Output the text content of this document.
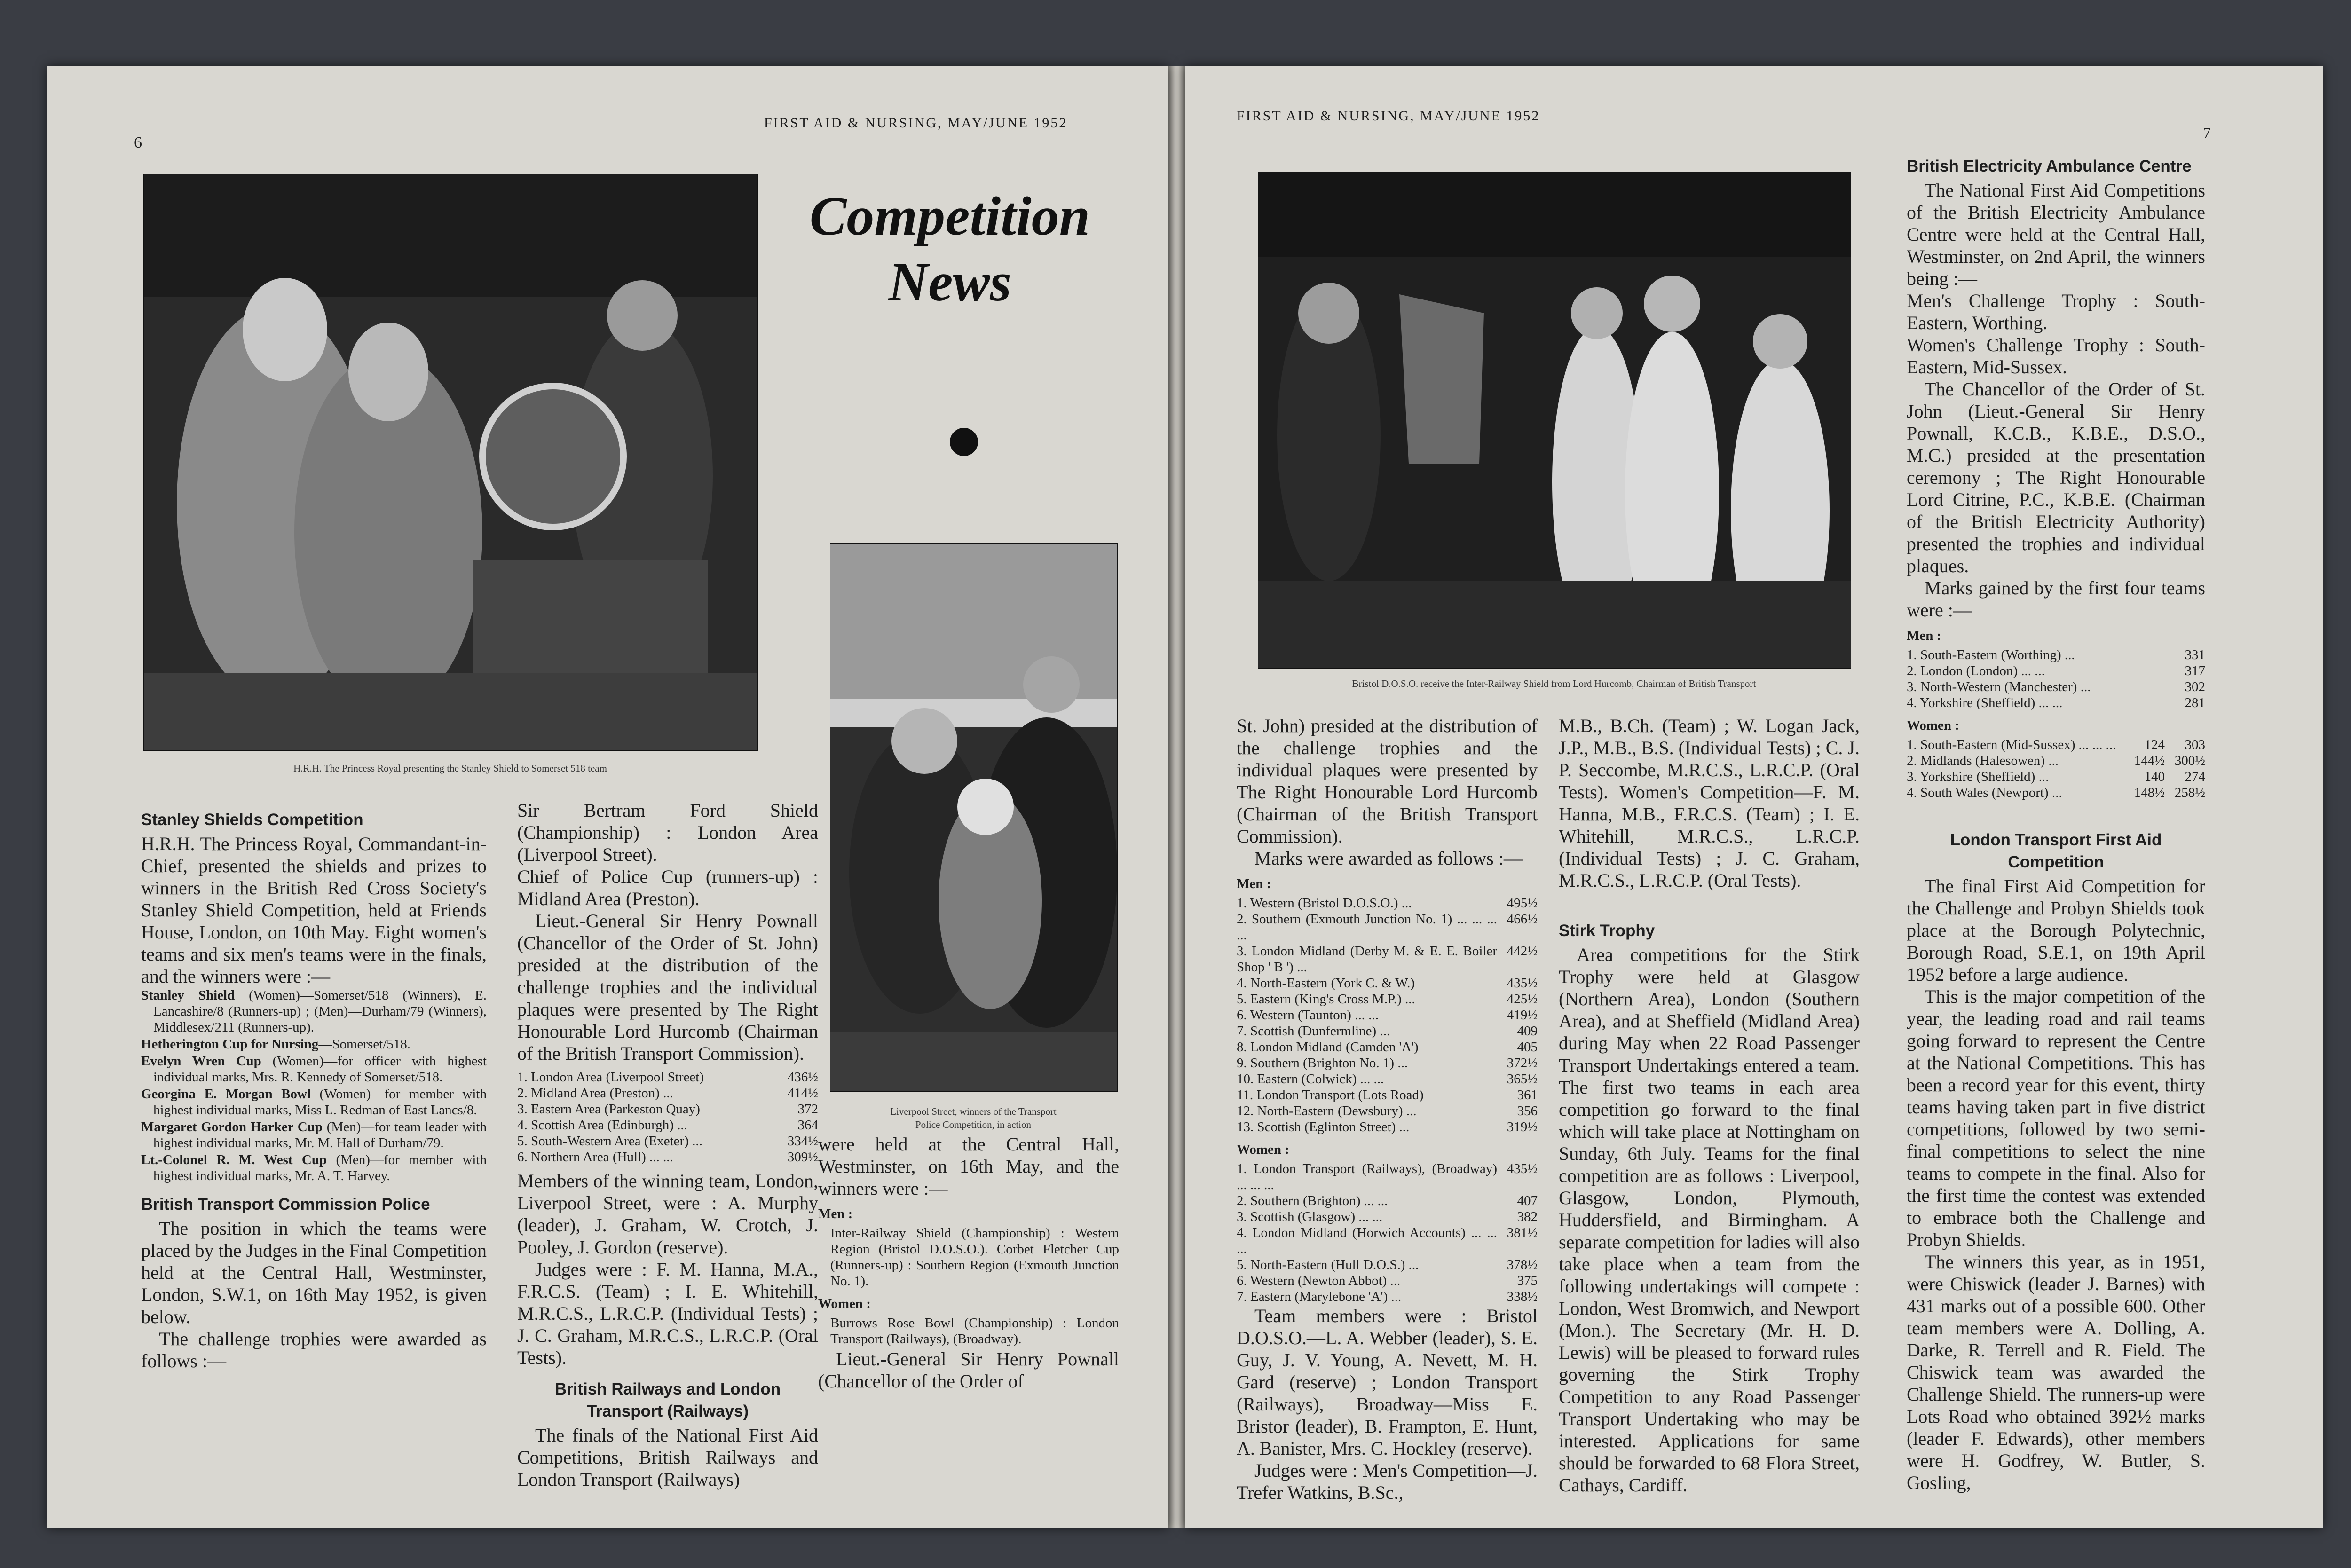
6
FIRST AID & NURSING, MAY/JUNE 1952
H.R.H. The Princess Royal presenting the Stanley Shield to Somerset 518 team
Competition
News
Liverpool Street, winners of the Transport
Police Competition, in action
Stanley Shields Competition

H.R.H. The Princess Royal, Commandant-in-Chief, presented the shields and prizes to winners in the British Red Cross Society's Stanley Shield Competition, held at Friends House, London, on 10th May. Eight women's teams and six men's teams were in the finals, and the winners were :—

Stanley Shield (Women)—Somerset/518 (Winners), E. Lancashire/8 (Runners-up) ; (Men)—Durham/79 (Winners), Middlesex/211 (Runners-up).

Hetherington Cup for Nursing—Somerset/518.

Evelyn Wren Cup (Women)—for officer with highest individual marks, Mrs. R. Kennedy of Somerset/518.

Georgina E. Morgan Bowl (Women)—for member with highest individual marks, Miss L. Redman of East Lancs/8.

Margaret Gordon Harker Cup (Men)—for team leader with highest individual marks, Mr. M. Hall of Durham/79.

Lt.-Colonel R. M. West Cup (Men)—for member with highest individual marks, Mr. A. T. Harvey.

British Transport Commission Police

The position in which the teams were placed by the Judges in the Final Competition held at the Central Hall, Westminster, London, S.W.1, on 16th May 1952, is given below.

The challenge trophies were awarded as follows :—

Sir Bertram Ford Shield (Championship) : London Area (Liverpool Street).

Chief of Police Cup (runners-up) : Midland Area (Preston).

Lieut.-General Sir Henry Pownall (Chancellor of the Order of St. John) presided at the distribution of the challenge trophies and the individual plaques were presented by The Right Honourable Lord Hurcomb (Chairman of the British Transport Commission).

1. London Area (Liverpool Street)	436½
2. Midland Area (Preston) ...	414½
3. Eastern Area (Parkeston Quay)	372
4. Scottish Area (Edinburgh) ...	364
5. South-Western Area (Exeter) ...	334½
6. Northern Area (Hull) ... ...	309½

Members of the winning team, London, Liverpool Street, were : A. Murphy (leader), J. Graham, W. Crotch, J. Pooley, J. Gordon (reserve).

Judges were : F. M. Hanna, M.A., F.R.C.S. (Team) ; I. E. Whitehill, M.R.C.S., L.R.C.P. (Individual Tests) ; J. C. Graham, M.R.C.S., L.R.C.P. (Oral Tests).

British Railways and London Transport (Railways)

The finals of the National First Aid Competitions, British Railways and London Transport (Railways)

were held at the Central Hall, Westminster, on 16th May, and the winners were :—

Men :

Inter-Railway Shield (Championship) : Western Region (Bristol D.O.S.O.). Corbet Fletcher Cup (Runners-up) : Southern Region (Exmouth Junction No. 1).

Women :

Burrows Rose Bowl (Championship) : London Transport (Railways), (Broadway).

Lieut.-General Sir Henry Pownall (Chancellor of the Order of

FIRST AID & NURSING, MAY/JUNE 1952
7
Bristol D.O.S.O. receive the Inter-Railway Shield from Lord Hurcomb, Chairman of British Transport

St. John) presided at the distribution of the challenge trophies and the individual plaques were presented by The Right Honourable Lord Hurcomb (Chairman of the British Transport Commission).

Marks were awarded as follows :—

Men :
1. Western (Bristol D.O.S.O.) ...	495½
2. Southern (Exmouth Junction No. 1) ... ... ... ...
466½
3. London Midland (Derby M. & E. E. Boiler Shop ' B ') ...
442½
4. North-Eastern (York C. & W.)	435½
5. Eastern (King's Cross M.P.) ...	425½
6. Western (Taunton) ... ...	419½
7. Scottish (Dunfermline) ...	409
8. London Midland (Camden 'A')	405
9. Southern (Brighton No. 1) ...	372½
10. Eastern (Colwick) ... ...	365½
11. London Transport (Lots Road)	361
12. North-Eastern (Dewsbury) ...	356
13. Scottish (Eglinton Street) ...	319½
Women :
1. London Transport (Railways), (Broadway) ... ... ...
435½
2. Southern (Brighton) ... ...	407
3. Scottish (Glasgow) ... ...	382
4. London Midland (Horwich Accounts) ... ... ...
381½
5. North-Eastern (Hull D.O.S.) ...	378½
6. Western (Newton Abbot) ...	375
7. Eastern (Marylebone 'A') ...	338½

Team members were : Bristol D.O.S.O.—L. A. Webber (leader), S. E. Guy, J. V. Young, A. Nevett, M. H. Gard (reserve) ; London Transport (Railways), Broadway—Miss E. Bristor (leader), B. Frampton, E. Hunt, A. Banister, Mrs. C. Hockley (reserve).

Judges were : Men's Competition—J. Trefer Watkins, B.Sc.,

M.B., B.Ch. (Team) ; W. Logan Jack, J.P., M.B., B.S. (Individual Tests) ; C. J. P. Seccombe, M.R.C.S., L.R.C.P. (Oral Tests). Women's Competition—F. M. Hanna, M.B., F.R.C.S. (Team) ; I. E. Whitehill, M.R.C.S., L.R.C.P. (Individual Tests) ; J. C. Graham, M.R.C.S., L.R.C.P. (Oral Tests).

Stirk Trophy

Area competitions for the Stirk Trophy were held at Glasgow (Northern Area), London (Southern Area), and at Sheffield (Midland Area) during May when 22 Road Passenger Transport Undertakings entered a team. The first two teams in each area competition go forward to the final which will take place at Nottingham on Sunday, 6th July. Teams for the final competition are as follows : Liverpool, Glasgow, London, Plymouth, Huddersfield, and Birmingham. A separate competition for ladies will also take place when a team from the following undertakings will compete : London, West Bromwich, and Newport (Mon.). The Secretary (Mr. H. D. Lewis) will be pleased to forward rules governing the Stirk Trophy Competition to any Road Passenger Transport Undertaking who may be interested. Applications for same should be forwarded to 68 Flora Street, Cathays, Cardiff.

British Electricity Ambulance Centre

The National First Aid Competitions of the British Electricity Ambulance Centre were held at the Central Hall, Westminster, on 2nd April, the winners being :—

Men's Challenge Trophy : South-Eastern, Worthing.

Women's Challenge Trophy : South-Eastern, Mid-Sussex.

The Chancellor of the Order of St. John (Lieut.-General Sir Henry Pownall, K.C.B., K.B.E., D.S.O., M.C.) presided at the presentation ceremony ; The Right Honourable Lord Citrine, P.C., K.B.E. (Chairman of the British Electricity Authority) presented the trophies and individual plaques.

Marks gained by the first four teams were :—

Men :
1. South-Eastern (Worthing) ...	331
2. London (London) ... ...	317
3. North-Western (Manchester) ...	302
4. Yorkshire (Sheffield) ... ...	281
Women :
1. South-Eastern (Mid-Sussex) ... ... ...	124	303
2. Midlands (Halesowen) ...	144½ 300½
3. Yorkshire (Sheffield) ...	140	274
4. South Wales (Newport) ...	148½ 258½
London Transport First Aid Competition

The final First Aid Competition for the Challenge and Probyn Shields took place at the Borough Polytechnic, Borough Road, S.E.1, on 19th April 1952 before a large audience.

This is the major competition of the year, the leading road and rail teams going forward to represent the Centre at the National Competitions. This has been a record year for this event, thirty teams having taken part in five district competitions, followed by two semi-final competitions to select the nine teams to compete in the final. Also for the first time the contest was extended to embrace both the Challenge and Probyn Shields.

The winners this year, as in 1951, were Chiswick (leader J. Barnes) with 431 marks out of a possible 600. Other team members were A. Dolling, A. Darke, R. Terrell and R. Field. The Chiswick team was awarded the Challenge Shield. The runners-up were Lots Road who obtained 392½ marks (leader F. Edwards), other members were H. Godfrey, W. Butler, S. Gosling,
